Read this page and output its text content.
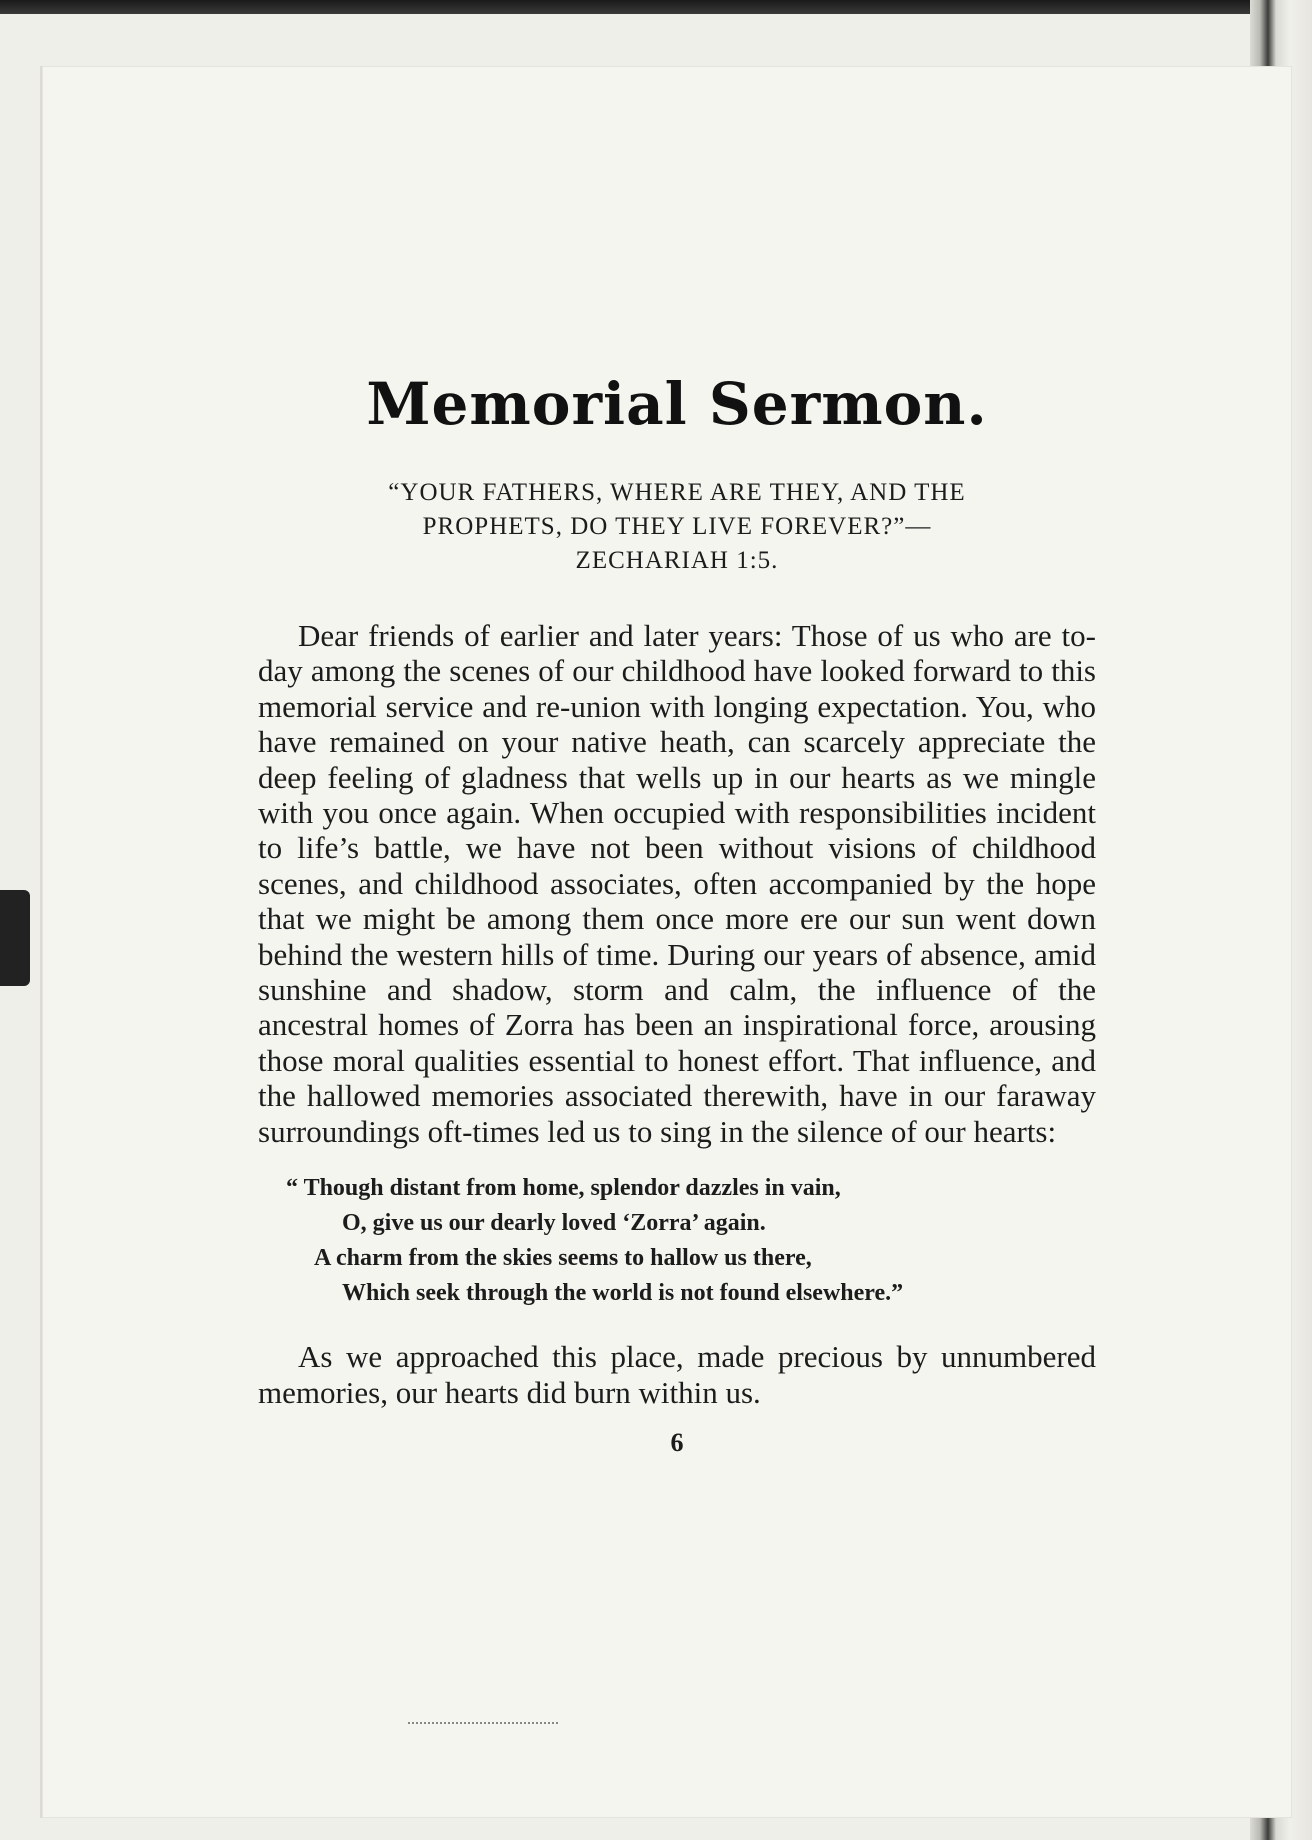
Memorial Sermon.
“YOUR FATHERS, WHERE ARE THEY, AND THE
PROPHETS, DO THEY LIVE FOREVER?”—
ZECHARIAH 1:5.

Dear friends of earlier and later years: Those of us who are to-day among the scenes of our childhood have looked forward to this memorial service and re-union with longing expectation. You, who have remained on your native heath, can scarcely appreciate the deep feeling of gladness that wells up in our hearts as we mingle with you once again. When occupied with responsibilities incident to life’s battle, we have not been without visions of childhood scenes, and childhood associates, often accompanied by the hope that we might be among them once more ere our sun went down behind the western hills of time. During our years of absence, amid sunshine and shadow, storm and calm, the influence of the ancestral homes of Zorra has been an inspirational force, arousing those moral qualities essential to honest effort. That influence, and the hallowed memories associated therewith, have in our faraway surroundings oft-times led us to sing in the silence of our hearts:

“ Though distant from home, splendor dazzles in vain,
O, give us our dearly loved ‘Zorra’ again.
A charm from the skies seems to hallow us there,
Which seek through the world is not found elsewhere.”

As we approached this place, made precious by unnumbered memories, our hearts did burn within us.

6
